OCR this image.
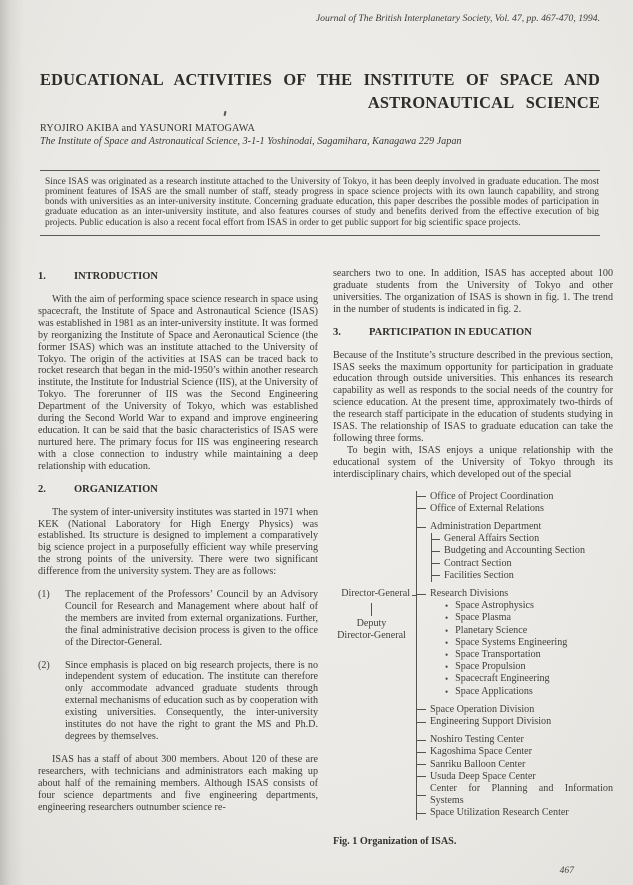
Journal of The British Interplanetary Society, Vol. 47, pp. 467-470, 1994.
EDUCATIONAL ACTIVITIES OF THE INSTITUTE OF SPACE AND
ASTRONAUTICAL SCIENCE
RYOJIRO AKIBA and YASUNORI MATOGAWA
The Institute of Space and Astronautical Science, 3-1-1 Yoshinodai, Sagamihara, Kanagawa 229 Japan
Since ISAS was originated as a research institute attached to the University of Tokyo, it has been deeply involved in graduate education. The most prominent features of ISAS are the small number of staff, steady progress in space science projects with its own launch capability, and strong bonds with universities as an inter-university institute. Concerning graduate education, this paper describes the possible modes of participation in graduate education as an inter-university institute, and also features courses of study and benefits derived from the effective execution of big projects. Public education is also a recent focal effort from ISAS in order to get public support for big scientific space projects.
1.	INTRODUCTION
With the aim of performing space science research in space using spacecraft, the Institute of Space and Astronautical Science (ISAS) was established in 1981 as an inter-university institute. It was formed by reorganizing the Institute of Space and Aeronautical Science (the former ISAS) which was an institute attached to the University of Tokyo. The origin of the activities at ISAS can be traced back to rocket research that began in the mid-1950’s within another research institute, the Institute for Industrial Science (IIS), at the University of Tokyo. The forerunner of IIS was the Second Engineering Department of the University of Tokyo, which was established during the Second World War to expand and improve engineering education. It can be said that the basic characteristics of ISAS were nurtured here. The primary focus for IIS was engineering research with a close connection to industry while maintaining a deep relationship with education.
2.	ORGANIZATION
The system of inter-university institutes was started in 1971 when KEK (National Laboratory for High Energy Physics) was established. Its structure is designed to implement a comparatively big science project in a purposefully efficient way while preserving the strong points of the university. There were two significant difference from the university system. They are as follows:
(1)	The replacement of the Professors’ Council by an Advisory Council for Research and Management where about half of the members are invited from external organizations. Further, the final administrative decision process is given to the office of the Director-General.
(2)	Since emphasis is placed on big research projects, there is no independent system of education. The institute can therefore only accommodate advanced graduate students through external mechanisms of education such as by cooperation with existing universities. Consequently, the inter-university institutes do not have the right to grant the MS and Ph.D. degrees by themselves.
ISAS has a staff of about 300 members. About 120 of these are researchers, with technicians and administrators each making up about half of the remaining members. Although ISAS consists of four science departments and five engineering departments, engineering researchers outnumber science re-
searchers two to one. In addition, ISAS has accepted about 100 graduate students from the University of Tokyo and other universities. The organization of ISAS is shown in fig. 1. The trend in the number of students is indicated in fig. 2.
3.	PARTICIPATION IN EDUCATION
Because of the Institute’s structure described in the previous section, ISAS seeks the maximum opportunity for participation in graduate education through outside universities. This enhances its research capability as well as responds to the social needs of the country for science education. At the present time, approximately two-thirds of the research staff participate in the education of students studying in ISAS. The relationship of ISAS to graduate education can take the following three forms.
To begin with, ISAS enjoys a unique relationship with the educational system of the University of Tokyo through its interdisciplinary chairs, which developed out of the special
Director-General
Deputy
Director-General
Office of Project Coordination
Office of External Relations
Administration Department
General Affairs Section
Budgeting and Accounting Section
Contract Section
Facilities Section
Research Divisions
• Space Astrophysics
• Space Plasma
• Planetary Science
• Space Systems Engineering
• Space Transportation
• Space Propulsion
• Spacecraft Engineering
• Space Applications
Space Operation Division
Engineering Support Division
Noshiro Testing Center
Kagoshima Space Center
Sanriku Balloon Center
Usuda Deep Space Center
Center for Planning and Information Systems
Space Utilization Research Center
Fig. 1 Organization of ISAS.
467
